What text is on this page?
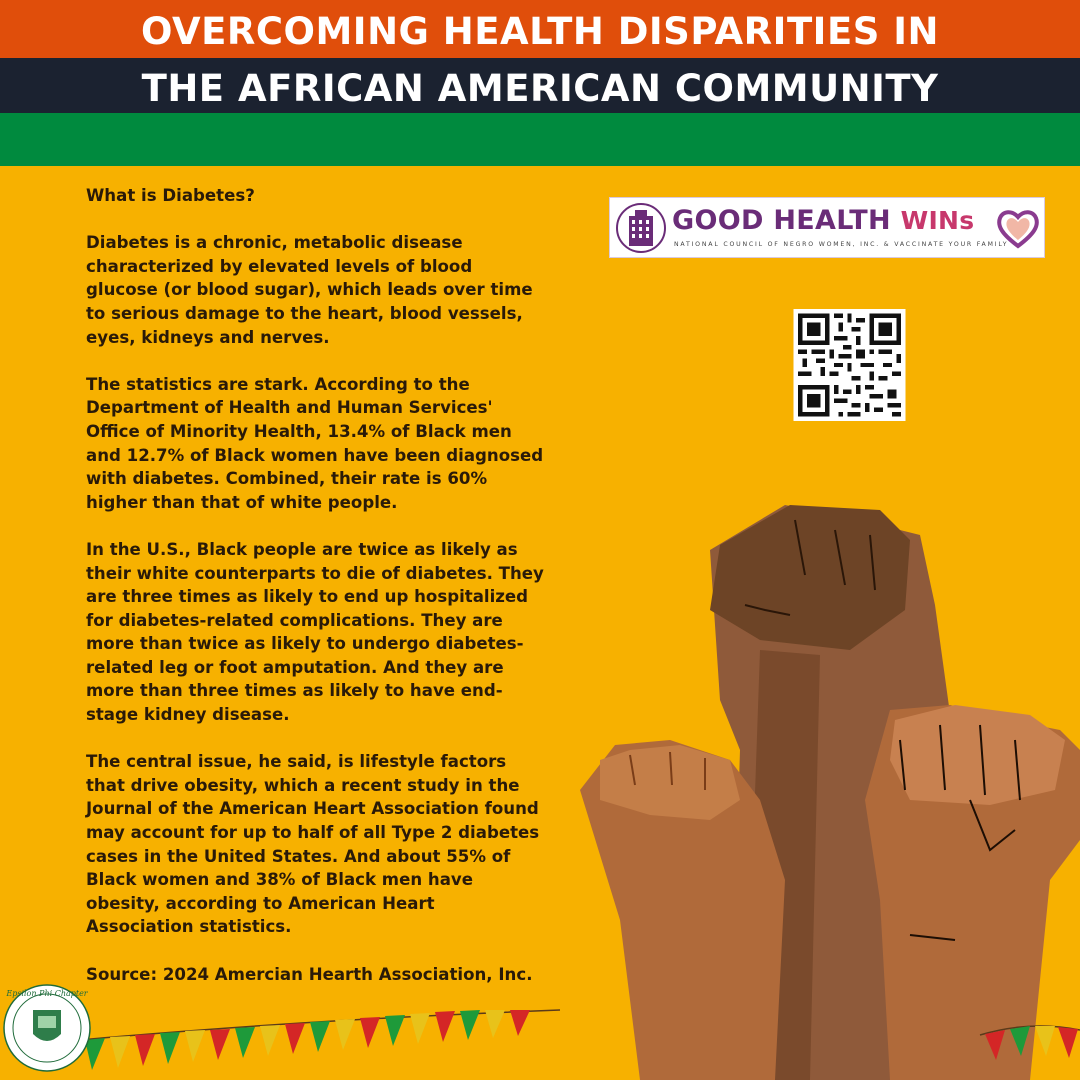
OVERCOMING HEALTH DISPARITIES IN
THE AFRICAN AMERICAN COMMUNITY

What is Diabetes?

Diabetes is a chronic, metabolic disease characterized by elevated levels of blood glucose (or blood sugar), which leads over time to serious damage to the heart, blood vessels, eyes, kidneys and nerves.

The statistics are stark. According to the Department of Health and Human Services' Office of Minority Health, 13.4% of Black men and 12.7% of Black women have been diagnosed with diabetes. Combined, their rate is 60% higher than that of white people.

In the U.S., Black people are twice as likely as their white counterparts to die of diabetes. They are three times as likely to end up hospitalized for diabetes-related complications. They are more than twice as likely to undergo diabetes-related leg or foot amputation. And they are more than three times as likely to have end-stage kidney disease.

The central issue, he said, is lifestyle factors that drive obesity, which a recent study in the Journal of the American Heart Association found may account for up to half of all Type 2 diabetes cases in the United States. And about 55% of Black women and 38% of Black men have obesity, according to American Heart Association statistics.

Source: 2024 Amercian Hearth Association, Inc.

GOOD HEALTH WINs
NATIONAL COUNCIL OF NEGRO WOMEN, INC. & VACCINATE YOUR FAMILY
Epsilon Phi Chapter
